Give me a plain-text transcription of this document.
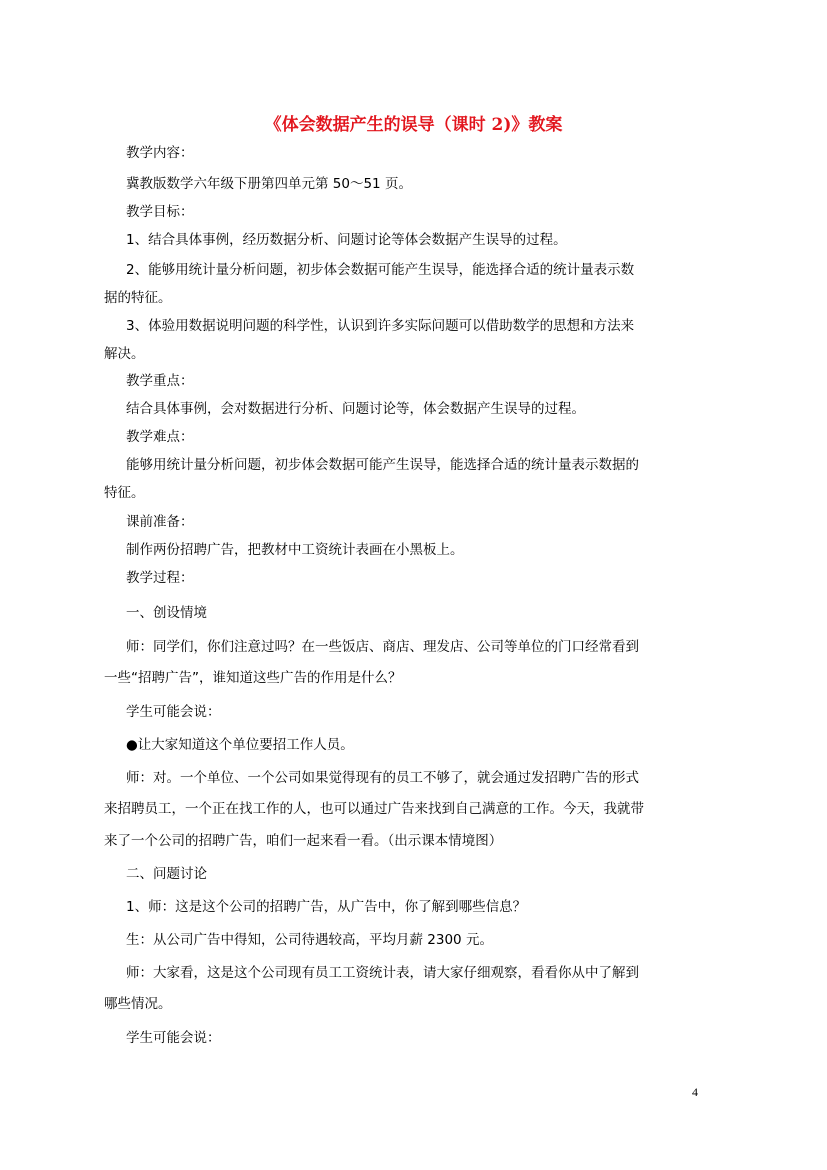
《体会数据产生的误导（课时 2)》教案
教学内容：
冀教版数学六年级下册第四单元第 50～51 页。
教学目标：
1、结合具体事例，经历数据分析、问题讨论等体会数据产生误导的过程。
2、能够用统计量分析问题，初步体会数据可能产生误导，能选择合适的统计量表示数
据的特征。
3、体验用数据说明问题的科学性，认识到许多实际问题可以借助数学的思想和方法来
解决。
教学重点：
结合具体事例，会对数据进行分析、问题讨论等，体会数据产生误导的过程。
教学难点：
能够用统计量分析问题，初步体会数据可能产生误导，能选择合适的统计量表示数据的
特征。
课前准备：
制作两份招聘广告，把教材中工资统计表画在小黑板上。
教学过程：
一、创设情境
师：同学们，你们注意过吗？在一些饭店、商店、理发店、公司等单位的门口经常看到
一些“招聘广告”，谁知道这些广告的作用是什么？
学生可能会说：
●让大家知道这个单位要招工作人员。
师：对。一个单位、一个公司如果觉得现有的员工不够了，就会通过发招聘广告的形式
来招聘员工，一个正在找工作的人，也可以通过广告来找到自己满意的工作。今天，我就带
来了一个公司的招聘广告，咱们一起来看一看。（出示课本情境图）
二、问题讨论
1、师：这是这个公司的招聘广告，从广告中，你了解到哪些信息？
生：从公司广告中得知，公司待遇较高，平均月薪 2300 元。
师：大家看，这是这个公司现有员工工资统计表，请大家仔细观察，看看你从中了解到
哪些情况。
学生可能会说：
4
